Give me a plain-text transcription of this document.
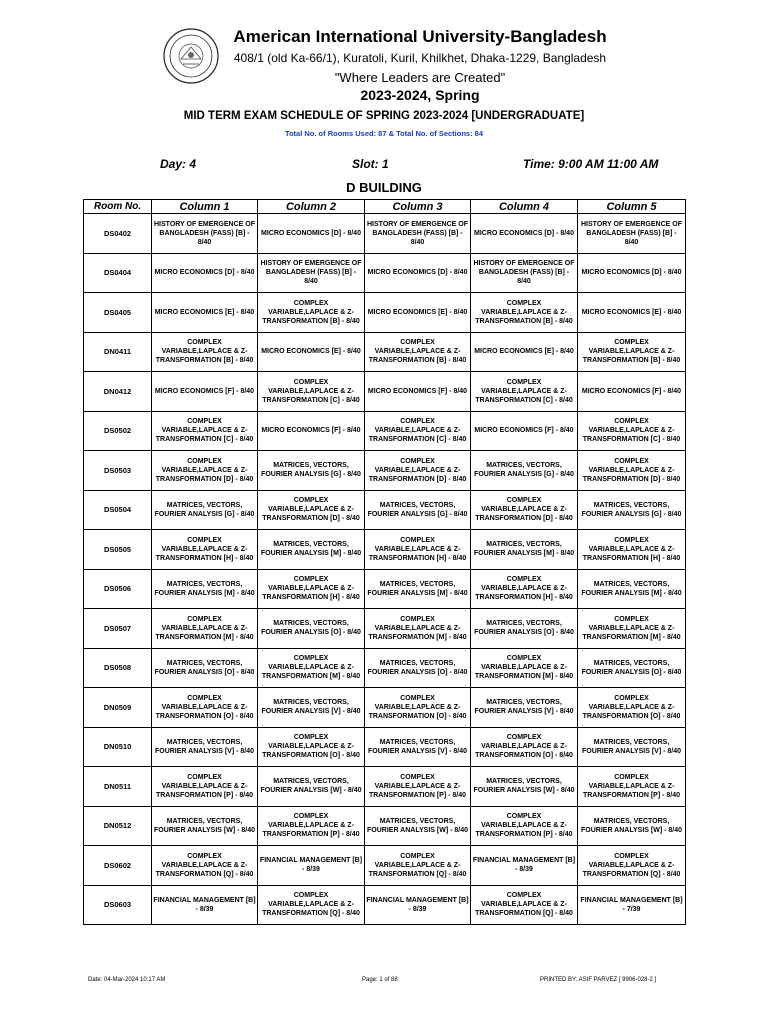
American International University-Bangladesh
408/1 (old Ka-66/1), Kuratoli, Kuril, Khilkhet, Dhaka-1229, Bangladesh
"Where Leaders are Created"
2023-2024, Spring
MID TERM EXAM SCHEDULE OF SPRING 2023-2024 [UNDERGRADUATE]
Total No. of Rooms Used: 87 & Total No. of Sections: 84
Day: 4	Slot: 1	Time: 9:00 AM 11:00 AM
D BUILDING
Room No.	Column 1	Column 2	Column 3	Column 4	Column 5
DS0402	HISTORY OF EMERGENCE OF BANGLADESH (FASS) [B] - 8/40	MICRO ECONOMICS [D] - 8/40	HISTORY OF EMERGENCE OF BANGLADESH (FASS) [B] - 8/40	MICRO ECONOMICS [D] - 8/40	HISTORY OF EMERGENCE OF BANGLADESH (FASS) [B] - 8/40
DS0404	MICRO ECONOMICS [D] - 8/40	HISTORY OF EMERGENCE OF BANGLADESH (FASS) [B] - 8/40	MICRO ECONOMICS [D] - 8/40	HISTORY OF EMERGENCE OF BANGLADESH (FASS) [B] - 8/40	MICRO ECONOMICS [D] - 8/40
DS0405	MICRO ECONOMICS [E] - 8/40	COMPLEX VARIABLE,LAPLACE & Z-TRANSFORMATION [B] - 8/40	MICRO ECONOMICS [E] - 8/40	COMPLEX VARIABLE,LAPLACE & Z-TRANSFORMATION [B] - 8/40	MICRO ECONOMICS [E] - 8/40
DN0411	COMPLEX VARIABLE,LAPLACE & Z-TRANSFORMATION [B] - 8/40	MICRO ECONOMICS [E] - 8/40	COMPLEX VARIABLE,LAPLACE & Z-TRANSFORMATION [B] - 8/40	MICRO ECONOMICS [E] - 8/40	COMPLEX VARIABLE,LAPLACE & Z-TRANSFORMATION [B] - 8/40
DN0412	MICRO ECONOMICS [F] - 8/40	COMPLEX VARIABLE,LAPLACE & Z-TRANSFORMATION [C] - 8/40	MICRO ECONOMICS [F] - 8/40	COMPLEX VARIABLE,LAPLACE & Z-TRANSFORMATION [C] - 8/40	MICRO ECONOMICS [F] - 8/40
DS0502	COMPLEX VARIABLE,LAPLACE & Z-TRANSFORMATION [C] - 8/40	MICRO ECONOMICS [F] - 8/40	COMPLEX VARIABLE,LAPLACE & Z-TRANSFORMATION [C] - 8/40	MICRO ECONOMICS [F] - 8/40	COMPLEX VARIABLE,LAPLACE & Z-TRANSFORMATION [C] - 8/40
DS0503	COMPLEX VARIABLE,LAPLACE & Z-TRANSFORMATION [D] - 8/40	MATRICES, VECTORS, FOURIER ANALYSIS [G] - 8/40	COMPLEX VARIABLE,LAPLACE & Z-TRANSFORMATION [D] - 8/40	MATRICES, VECTORS, FOURIER ANALYSIS [G] - 8/40	COMPLEX VARIABLE,LAPLACE & Z-TRANSFORMATION [D] - 8/40
DS0504	MATRICES, VECTORS, FOURIER ANALYSIS [G] - 8/40	COMPLEX VARIABLE,LAPLACE & Z-TRANSFORMATION [D] - 8/40	MATRICES, VECTORS, FOURIER ANALYSIS [G] - 8/40	COMPLEX VARIABLE,LAPLACE & Z-TRANSFORMATION [D] - 8/40	MATRICES, VECTORS, FOURIER ANALYSIS [G] - 8/40
DS0505	COMPLEX VARIABLE,LAPLACE & Z-TRANSFORMATION [H] - 8/40	MATRICES, VECTORS, FOURIER ANALYSIS [M] - 8/40	COMPLEX VARIABLE,LAPLACE & Z-TRANSFORMATION [H] - 8/40	MATRICES, VECTORS, FOURIER ANALYSIS [M] - 8/40	COMPLEX VARIABLE,LAPLACE & Z-TRANSFORMATION [H] - 8/40
DS0506	MATRICES, VECTORS, FOURIER ANALYSIS [M] - 8/40	COMPLEX VARIABLE,LAPLACE & Z-TRANSFORMATION [H] - 8/40	MATRICES, VECTORS, FOURIER ANALYSIS [M] - 8/40	COMPLEX VARIABLE,LAPLACE & Z-TRANSFORMATION [H] - 8/40	MATRICES, VECTORS, FOURIER ANALYSIS [M] - 8/40
DS0507	COMPLEX VARIABLE,LAPLACE & Z-TRANSFORMATION [M] - 8/40	MATRICES, VECTORS, FOURIER ANALYSIS [O] - 8/40	COMPLEX VARIABLE,LAPLACE & Z-TRANSFORMATION [M] - 8/40	MATRICES, VECTORS, FOURIER ANALYSIS [O] - 8/40	COMPLEX VARIABLE,LAPLACE & Z-TRANSFORMATION [M] - 8/40
DS0508	MATRICES, VECTORS, FOURIER ANALYSIS [O] - 8/40	COMPLEX VARIABLE,LAPLACE & Z-TRANSFORMATION [M] - 8/40	MATRICES, VECTORS, FOURIER ANALYSIS [O] - 8/40	COMPLEX VARIABLE,LAPLACE & Z-TRANSFORMATION [M] - 8/40	MATRICES, VECTORS, FOURIER ANALYSIS [O] - 8/40
DN0509	COMPLEX VARIABLE,LAPLACE & Z-TRANSFORMATION [O] - 8/40	MATRICES, VECTORS, FOURIER ANALYSIS [V] - 8/40	COMPLEX VARIABLE,LAPLACE & Z-TRANSFORMATION [O] - 8/40	MATRICES, VECTORS, FOURIER ANALYSIS [V] - 8/40	COMPLEX VARIABLE,LAPLACE & Z-TRANSFORMATION [O] - 8/40
DN0510	MATRICES, VECTORS, FOURIER ANALYSIS [V] - 8/40	COMPLEX VARIABLE,LAPLACE & Z-TRANSFORMATION [O] - 8/40	MATRICES, VECTORS, FOURIER ANALYSIS [V] - 8/40	COMPLEX VARIABLE,LAPLACE & Z-TRANSFORMATION [O] - 8/40	MATRICES, VECTORS, FOURIER ANALYSIS [V] - 8/40
DN0511	COMPLEX VARIABLE,LAPLACE & Z-TRANSFORMATION [P] - 8/40	MATRICES, VECTORS, FOURIER ANALYSIS [W] - 8/40	COMPLEX VARIABLE,LAPLACE & Z-TRANSFORMATION [P] - 8/40	MATRICES, VECTORS, FOURIER ANALYSIS [W] - 8/40	COMPLEX VARIABLE,LAPLACE & Z-TRANSFORMATION [P] - 8/40
DN0512	MATRICES, VECTORS, FOURIER ANALYSIS [W] - 8/40	COMPLEX VARIABLE,LAPLACE & Z-TRANSFORMATION [P] - 8/40	MATRICES, VECTORS, FOURIER ANALYSIS [W] - 8/40	COMPLEX VARIABLE,LAPLACE & Z-TRANSFORMATION [P] - 8/40	MATRICES, VECTORS, FOURIER ANALYSIS [W] - 8/40
DS0602	COMPLEX VARIABLE,LAPLACE & Z-TRANSFORMATION [Q] - 8/40	FINANCIAL MANAGEMENT [B] - 8/39	COMPLEX VARIABLE,LAPLACE & Z-TRANSFORMATION [Q] - 8/40	FINANCIAL MANAGEMENT [B] - 8/39	COMPLEX VARIABLE,LAPLACE & Z-TRANSFORMATION [Q] - 8/40
DS0603	FINANCIAL MANAGEMENT [B] - 8/39	COMPLEX VARIABLE,LAPLACE & Z-TRANSFORMATION [Q] - 8/40	FINANCIAL MANAGEMENT [B] - 8/39	COMPLEX VARIABLE,LAPLACE & Z-TRANSFORMATION [Q] - 8/40	FINANCIAL MANAGEMENT [B] - 7/39
Date: 04-Mar-2024 10:17 AM	Page: 1 of 88	PRINTED BY: ASIF PARVEZ [ 9906-028-2 ]
